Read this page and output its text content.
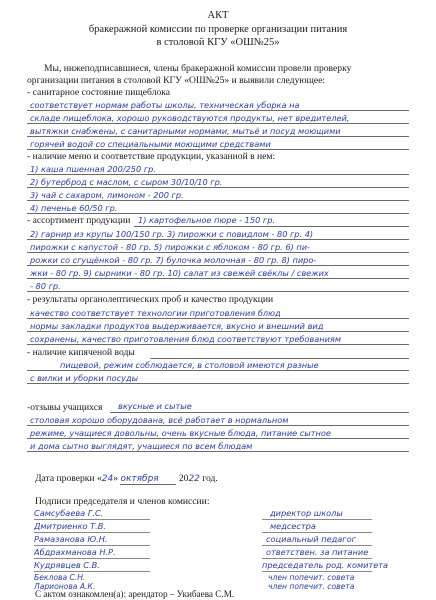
АКТ
бракеражной комиссии по проверке организации питания
в столовой КГУ «ОШ№25»
Мы, нижеподписавшиеся, члены бракеражной комиссии провели проверку
организации питания в столовой КГУ «ОШ№25» и выявили следующее:
- санитарное состояние пищеблока
соответствует нормам работы школы, техническая уборка на
складе пищеблока, хорошо руководствуются продукты, нет вредителей,
вытяжки снабжены, с санитарными нормами, мытьё и посуд моющими
горячей водой со специальными моющими средствами
- наличие меню и соответствие продукции, указанной в нем:
1) каша пшенная 200/250 гр.
2) бутерброд с маслом, с сыром 30/10/10 гр.
3) чай с сахаром, лимоном - 200 гр.
4) печенье 60/50 гр.
- ассортимент продукции 1) картофельное пюре - 150 гр.
2) гарнир из крупы 100/150 гр. 3) пирожки с повидлом - 80 гр. 4)
пирожки с капустой - 80 гр. 5) пирожки с яблоком - 80 гр. 6) пи-
рожки со сгущёнкой - 80 гр. 7) булочка молочная - 80 гр. 8) пиро-
жки - 80 гр. 9) сырники - 80 гр. 10) салат из свежей свёклы / свежих
- 80 гр.
- результаты органолептических проб и качество продукции
качество соответствует технологии приготовления блюд
нормы закладки продуктов выдерживается, вкусно и внешний вид
сохранены, качество приготовления блюд соответствуют требованиям
- наличие кипяченой воды
пищевой, режим соблюдается, в столовой имеются разные
с вилки и уборки посуды
-отзывы учащихся вкусные и сытые
столовая хорошо оборудована, всё работает в нормальном
режиме, учащиеся довольны, очень вкусные блюда, питание сытное
и дома сытно выглядят, учащиеся по всем блюдам
Дата проверки «24» октября 2022 год.
Подписи председателя и членов комиссии:
Самсубаева Г.С.	директор школы
Дмитриенко Т.В.	медсестра
Рамазанова Ю.Н.	социальный педагог
Абдрахманова Н.Р.	ответствен. за питание
Кудрявцев С.В.	председатель род. комитета
Беклова С.Н.	член попечит. совета
Ларионова А.К.	член попечит. совета
С актом ознакомлен(а): арендатор – Укибаева С.М.
